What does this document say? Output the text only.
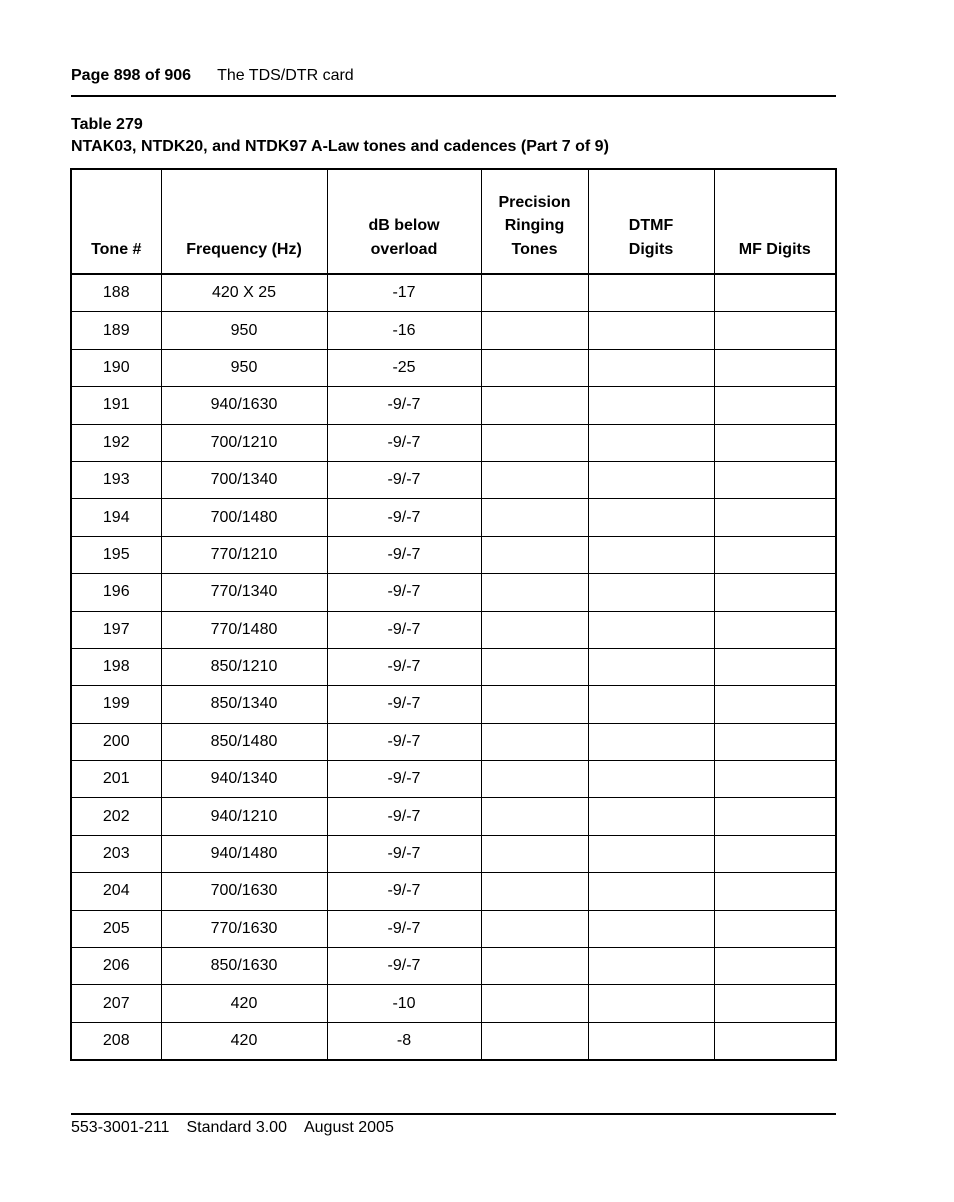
Page 898 of 906 The TDS/DTR card
Table 279
NTAK03, NTDK20, and NTDK97 A-Law tones and cadences (Part 7 of 9)
Tone #	Frequency (Hz)	dB below overload	Precision Ringing Tones	DTMF Digits	MF Digits
188	420 X 25	-17			
189	950	-16			
190	950	-25			
191	940/1630	-9/-7			
192	700/1210	-9/-7			
193	700/1340	-9/-7			
194	700/1480	-9/-7			
195	770/1210	-9/-7			
196	770/1340	-9/-7			
197	770/1480	-9/-7			
198	850/1210	-9/-7			
199	850/1340	-9/-7			
200	850/1480	-9/-7			
201	940/1340	-9/-7			
202	940/1210	-9/-7			
203	940/1480	-9/-7			
204	700/1630	-9/-7			
205	770/1630	-9/-7			
206	850/1630	-9/-7			
207	420	-10			
208	420	-8			
553-3001-211 Standard 3.00 August 2005
